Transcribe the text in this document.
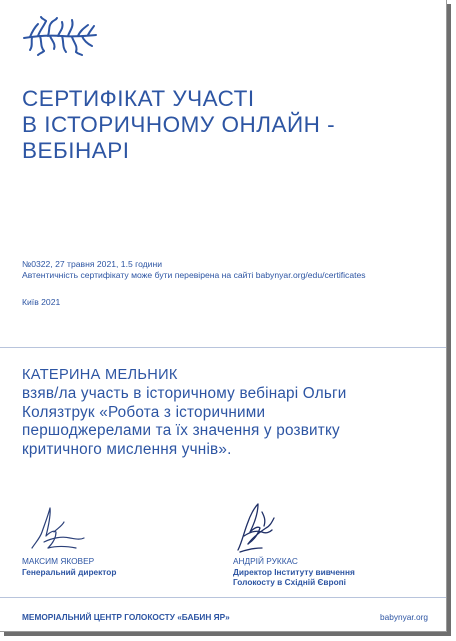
СЕРТИФІКАТ УЧАСТІ
В ІСТОРИЧНОМУ ОНЛАЙН -
ВЕБІНАРІ
№0322, 27 травня 2021, 1.5 години
Автентичність сертифікату може бути перевірена на сайті babynyar.org/edu/certificates
Київ 2021
КАТЕРИНА МЕЛЬНИК

взяв/ла участь в історичному вебінарі Ольги
Колязтрук «Робота з історичними
першоджерелами та їх значення у розвитку
критичного мислення учнів».

МАКСИМ ЯКОВЕР
Генеральний директор
АНДРІЙ РУККАС
Директор Інституту вивчення
Голокосту в Східній Європі
МЕМОРІАЛЬНИЙ ЦЕНТР ГОЛОКОСТУ «БАБИН ЯР»	babynyar.org
